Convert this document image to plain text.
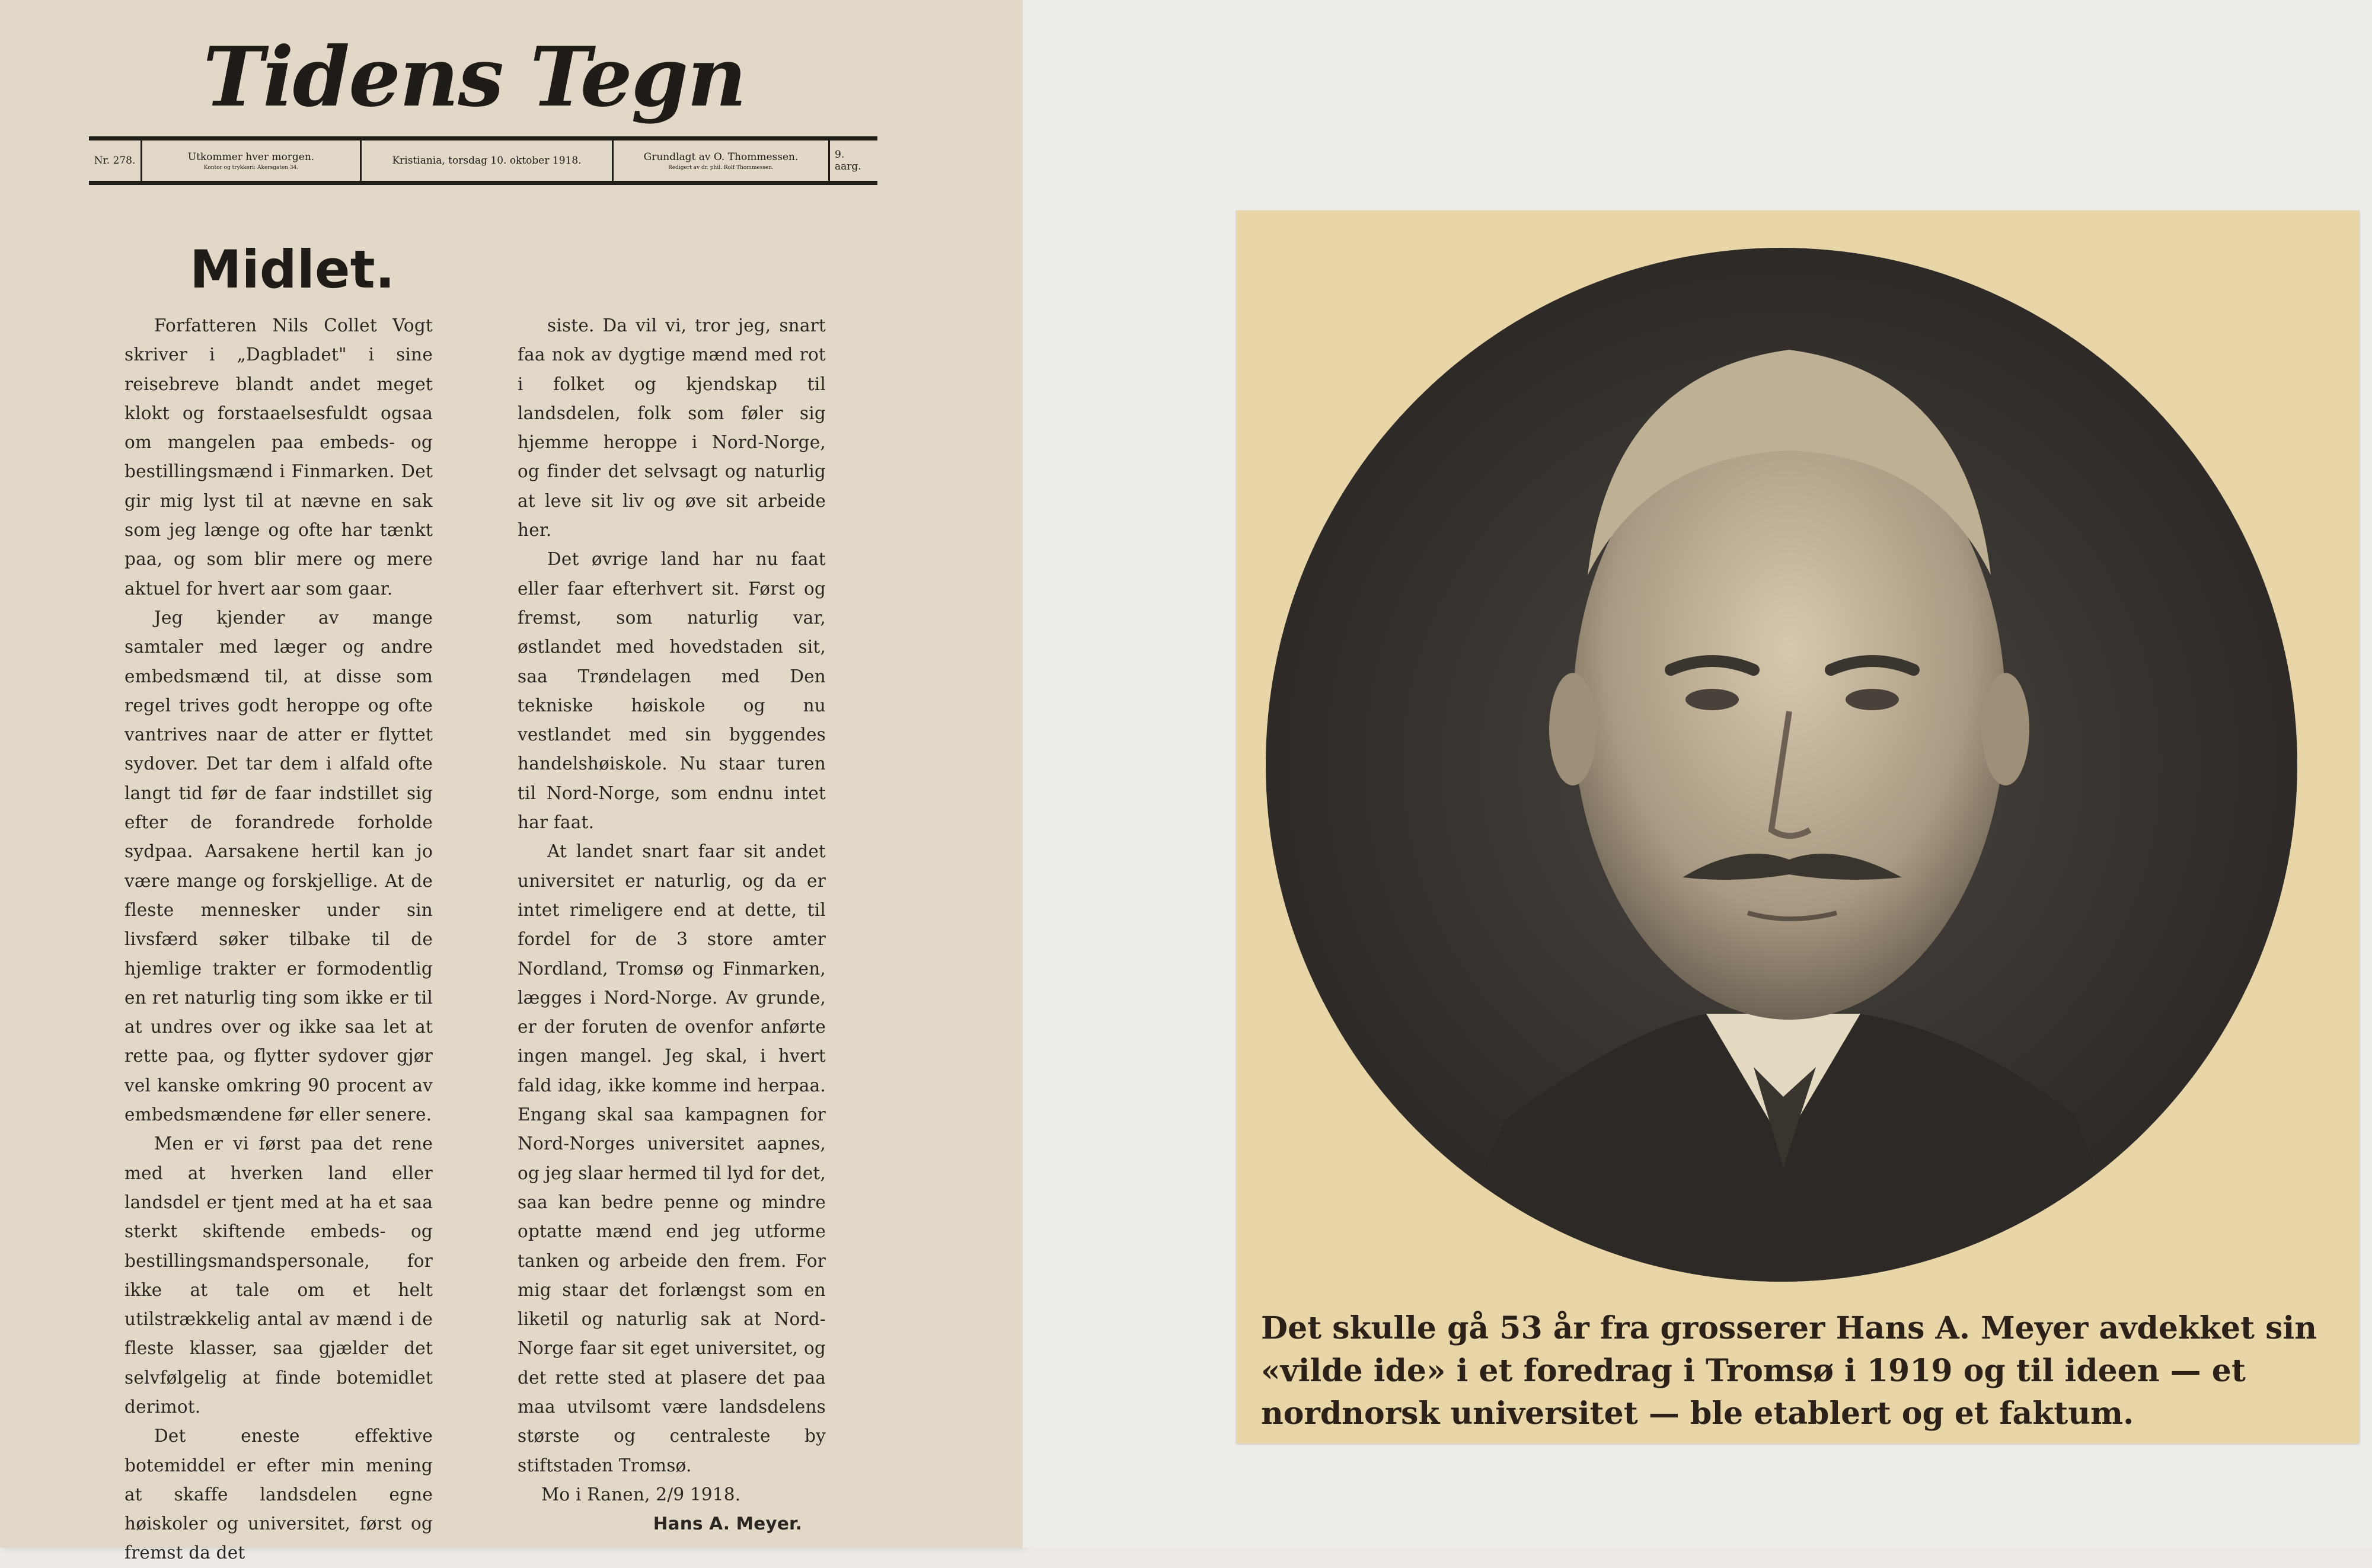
Tidens Tegn
Nr. 278.	Utkommer hver morgen.
Kontor og trykkeri: Akersgaten 34.
Kristiania, torsdag 10. oktober 1918.	Grundlagt av O. Thommessen.
Redigert av dr. phil. Rolf Thommessen.
9. aarg.
Midlet.

Forfatteren Nils Collet Vogt skriver i „Dagbladet" i sine reisebreve blandt andet meget klokt og forstaaelsesfuldt ogsaa om mangelen paa embeds- og bestillingsmænd i Finmarken. Det gir mig lyst til at nævne en sak som jeg længe og ofte har tænkt paa, og som blir mere og mere aktuel for hvert aar som gaar.

Jeg kjender av mange samtaler med læger og andre embedsmænd til, at disse som regel trives godt heroppe og ofte vantrives naar de atter er flyttet sydover. Det tar dem i alfald ofte langt tid før de faar indstillet sig efter de forandrede forholde sydpaa. Aarsakene hertil kan jo være mange og forskjellige. At de fleste mennesker under sin livsfærd søker tilbake til de hjemlige trakter er formodentlig en ret naturlig ting som ikke er til at undres over og ikke saa let at rette paa, og flytter sydover gjør vel kanske omkring 90 procent av embedsmændene før eller senere.

Men er vi først paa det rene med at hverken land eller landsdel er tjent med at ha et saa sterkt skiftende embeds- og bestillingsmandspersonale, for ikke at tale om et helt utilstrækkelig antal av mænd i de fleste klasser, saa gjælder det selvfølgelig at finde botemidlet derimot.

Det eneste effektive botemiddel er efter min mening at skaffe landsdelen egne høiskoler og universitet, først og fremst da det

siste. Da vil vi, tror jeg, snart faa nok av dygtige mænd med rot i folket og kjendskap til landsdelen, folk som føler sig hjemme heroppe i Nord-Norge, og finder det selvsagt og naturlig at leve sit liv og øve sit arbeide her.

Det øvrige land har nu faat eller faar efterhvert sit. Først og fremst, som naturlig var, østlandet med hovedstaden sit, saa Trøndelagen med Den tekniske høiskole og nu vestlandet med sin byggendes handelshøiskole. Nu staar turen til Nord-Norge, som endnu intet har faat.

At landet snart faar sit andet universitet er naturlig, og da er intet rimeligere end at dette, til fordel for de 3 store amter Nordland, Tromsø og Finmarken, lægges i Nord-Norge. Av grunde, er der foruten de ovenfor anførte ingen mangel. Jeg skal, i hvert fald idag, ikke komme ind herpaa. Engang skal saa kampagnen for Nord-Norges universitet aapnes, og jeg slaar hermed til lyd for det, saa kan bedre penne og mindre optatte mænd end jeg utforme tanken og arbeide den frem. For mig staar det forlængst som en liketil og naturlig sak at Nord-Norge faar sit eget universitet, og det rette sted at plasere det paa maa utvilsomt være landsdelens største og centraleste by stiftstaden Tromsø.

Mo i Ranen, 2/9 1918.

Hans A. Meyer.

Det skulle gå 53 år fra grosserer Hans A. Meyer avdekket sin «vilde ide» i et foredrag i Tromsø i 1919 og til ideen — et nordnorsk universitet — ble etablert og et faktum.
